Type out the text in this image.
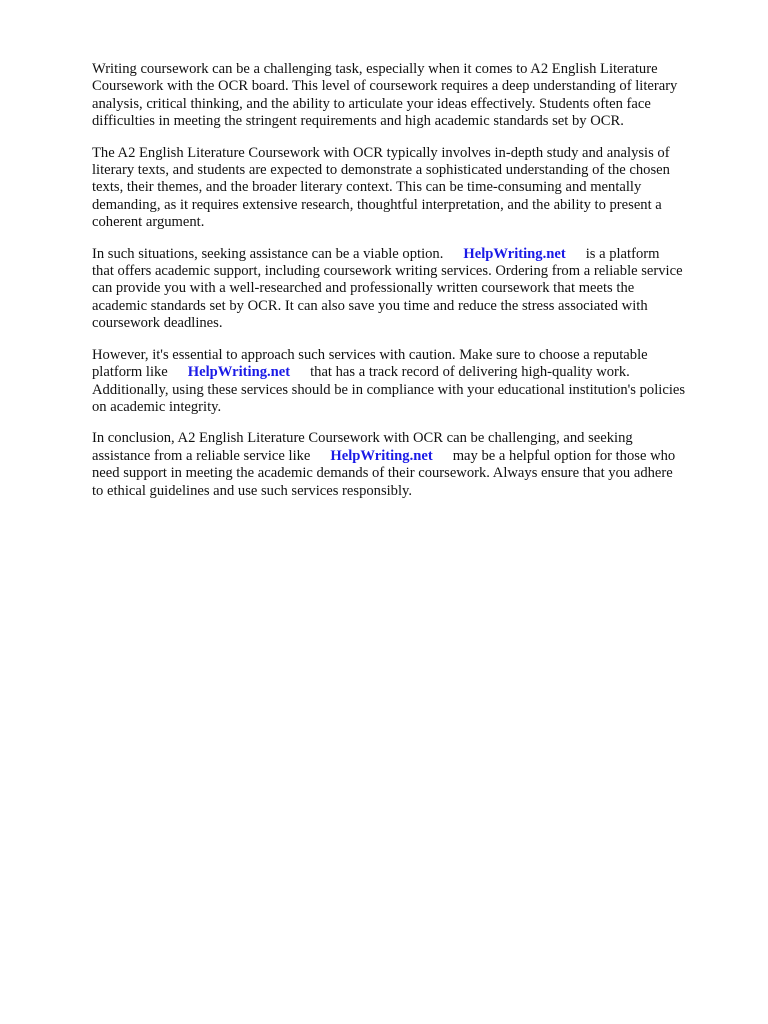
Writing coursework can be a challenging task, especially when it comes to A2 English Literature
Coursework with the OCR board. This level of coursework requires a deep understanding of literary
analysis, critical thinking, and the ability to articulate your ideas effectively. Students often face
difficulties in meeting the stringent requirements and high academic standards set by OCR.

The A2 English Literature Coursework with OCR typically involves in-depth study and analysis of
literary texts, and students are expected to demonstrate a sophisticated understanding of the chosen
texts, their themes, and the broader literary context. This can be time-consuming and mentally
demanding, as it requires extensive research, thoughtful interpretation, and the ability to present a
coherent argument.

In such situations, seeking assistance can be a viable option. HelpWriting.net is a platform
that offers academic support, including coursework writing services. Ordering from a reliable service
can provide you with a well-researched and professionally written coursework that meets the
academic standards set by OCR. It can also save you time and reduce the stress associated with
coursework deadlines.

However, it's essential to approach such services with caution. Make sure to choose a reputable
platform like HelpWriting.net that has a track record of delivering high-quality work.
Additionally, using these services should be in compliance with your educational institution's policies
on academic integrity.

In conclusion, A2 English Literature Coursework with OCR can be challenging, and seeking
assistance from a reliable service like HelpWriting.net may be a helpful option for those who
need support in meeting the academic demands of their coursework. Always ensure that you adhere
to ethical guidelines and use such services responsibly.
